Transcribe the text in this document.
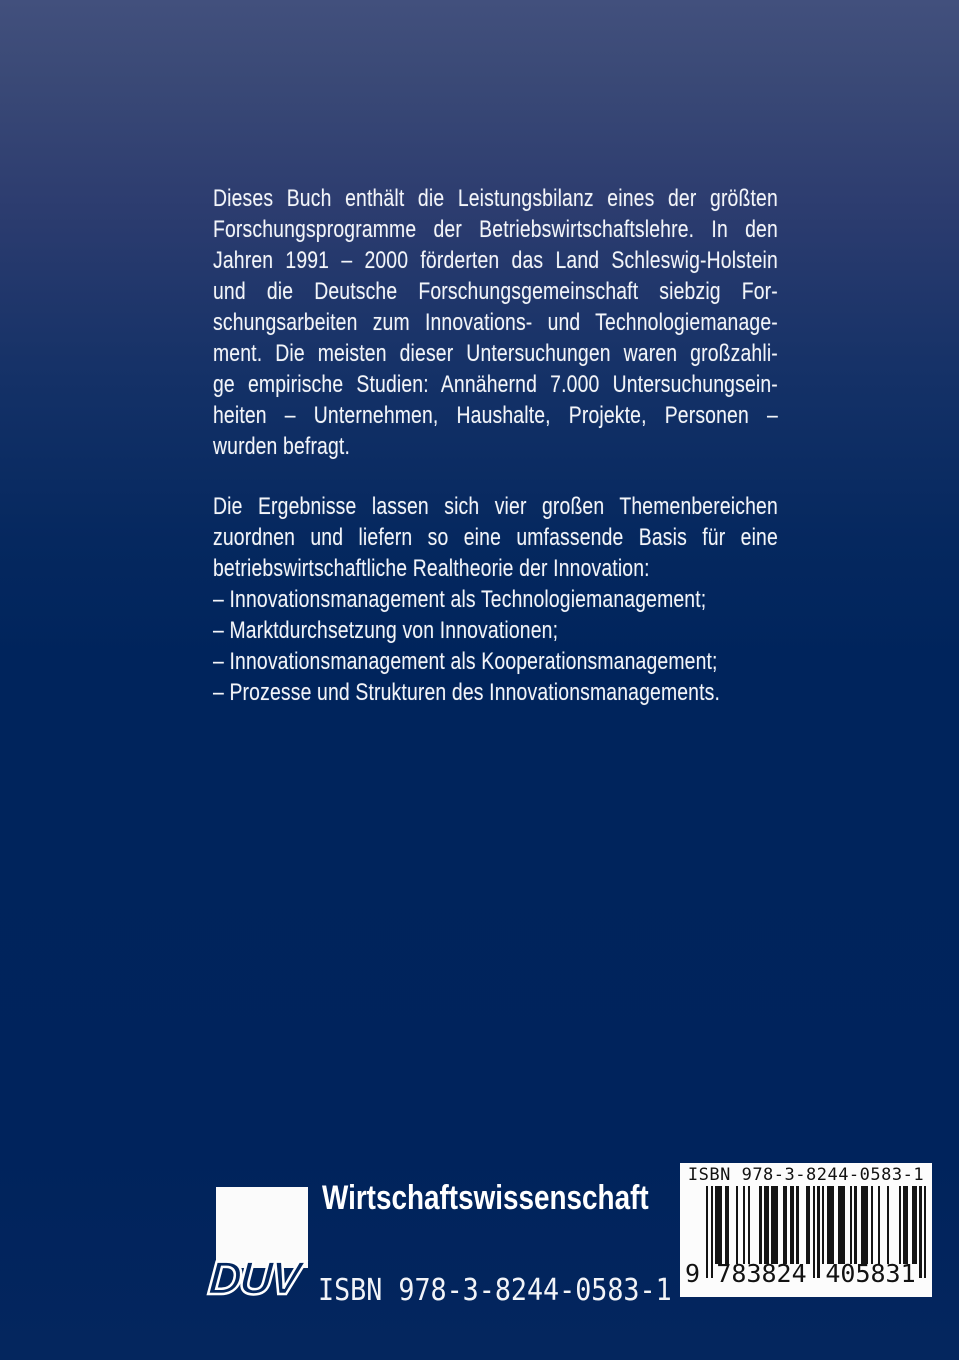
Dieses Buch enthält die Leistungsbilanz eines der größten
Forschungsprogramme der Betriebswirtschaftslehre. In den
Jahren 1991 – 2000 förderten das Land Schleswig-Holstein
und die Deutsche Forschungsgemeinschaft siebzig For-
schungsarbeiten zum Innovations- und Technologiemanage-
ment. Die meisten dieser Untersuchungen waren großzahli-
ge empirische Studien: Annähernd 7.000 Untersuchungsein-
heiten – Unternehmen, Haushalte, Projekte, Personen –
wurden befragt.
Die Ergebnisse lassen sich vier großen Themenbereichen
zuordnen und liefern so eine umfassende Basis für eine
betriebswirtschaftliche Realtheorie der Innovation:
– Innovationsmanagement als Technologiemanagement;
– Marktdurchsetzung von Innovationen;
– Innovationsmanagement als Kooperationsmanagement;
– Prozesse und Strukturen des Innovationsmanagements.
DUV
Wirtschaftswissenschaft
ISBN 978-3-8244-0583-1
ISBN 978-3-8244-0583-1
9 783824 405831
